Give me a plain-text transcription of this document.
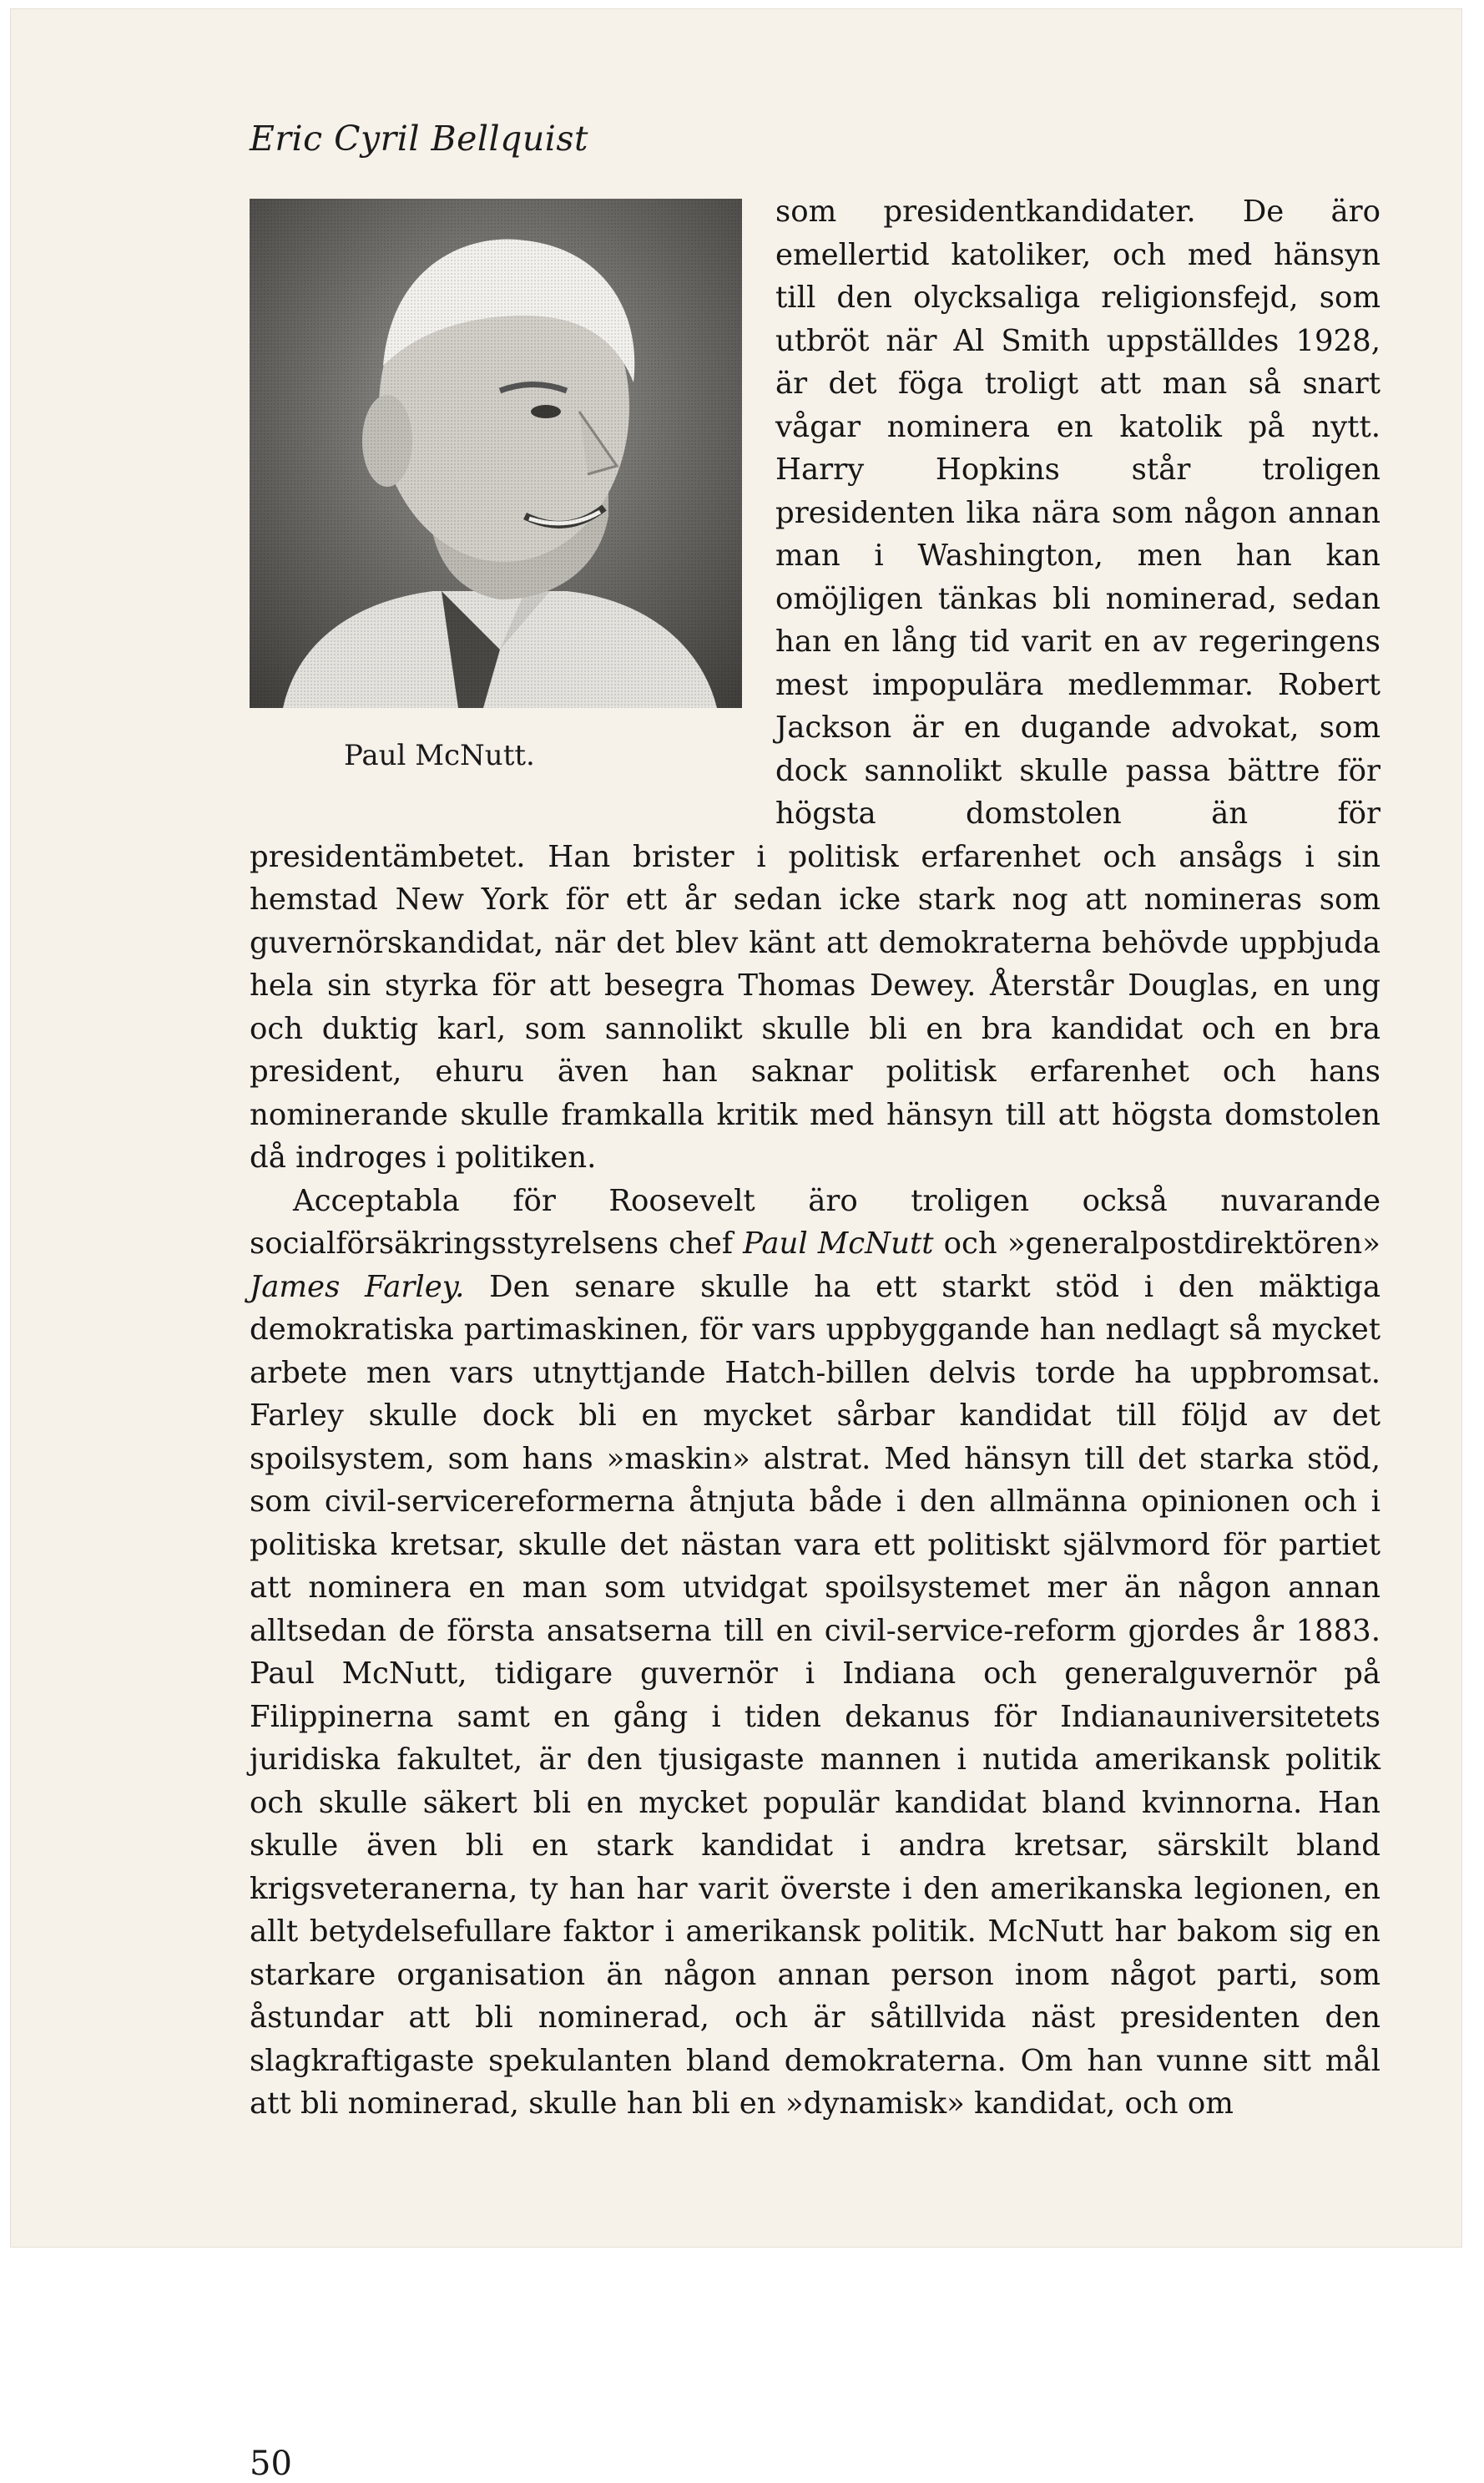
Eric Cyril Bellquist
Paul McNutt.

som presidentkandidater. De äro emellertid katoliker, och med hänsyn till den olycksaliga religionsfejd, som utbröt när Al Smith uppställdes 1928, är det föga troligt att man så snart vågar nominera en katolik på nytt. Harry Hopkins står troligen presidenten lika nära som någon annan man i Washington, men han kan omöjligen tänkas bli nominerad, sedan han en lång tid varit en av regeringens mest impopulära medlemmar. Robert Jackson är en dugande advokat, som dock sannolikt skulle passa bättre för högsta domstolen än för presidentämbetet. Han brister i politisk erfarenhet och ansågs i sin hemstad New York för ett år sedan icke stark nog att nomineras som guvernörskandidat, när det blev känt att demokraterna behövde uppbjuda hela sin styrka för att besegra Thomas Dewey. Återstår Douglas, en ung och duktig karl, som sannolikt skulle bli en bra kandidat och en bra president, ehuru även han saknar politisk erfarenhet och hans nominerande skulle framkalla kritik med hänsyn till att högsta domstolen då indroges i politiken.

Acceptabla för Roosevelt äro troligen också nuvarande socialförsäkringsstyrelsens chef Paul McNutt och »generalpostdirektören» James Farley. Den senare skulle ha ett starkt stöd i den mäktiga demokratiska partimaskinen, för vars uppbyggande han nedlagt så mycket arbete men vars utnyttjande Hatch-billen delvis torde ha uppbromsat. Farley skulle dock bli en mycket sårbar kandidat till följd av det spoilsystem, som hans »maskin» alstrat. Med hänsyn till det starka stöd, som civil-servicereformerna åtnjuta både i den allmänna opinionen och i politiska kretsar, skulle det nästan vara ett politiskt självmord för partiet att nominera en man som utvidgat spoilsystemet mer än någon annan alltsedan de första ansatserna till en civil-service-reform gjordes år 1883. Paul McNutt, tidigare guvernör i Indiana och generalguvernör på Filippinerna samt en gång i tiden dekanus för Indianauniversitetets juridiska fakultet, är den tjusigaste mannen i nutida amerikansk politik och skulle säkert bli en mycket populär kandidat bland kvinnorna. Han skulle även bli en stark kandidat i andra kretsar, särskilt bland krigsveteranerna, ty han har varit överste i den amerikanska legionen, en allt betydelsefullare faktor i amerikansk politik. McNutt har bakom sig en starkare organisation än någon annan person inom något parti, som åstundar att bli nominerad, och är såtillvida näst presidenten den slagkraftigaste spekulanten bland demokraterna. Om han vunne sitt mål att bli nominerad, skulle han bli en »dynamisk» kandidat, och om

50
